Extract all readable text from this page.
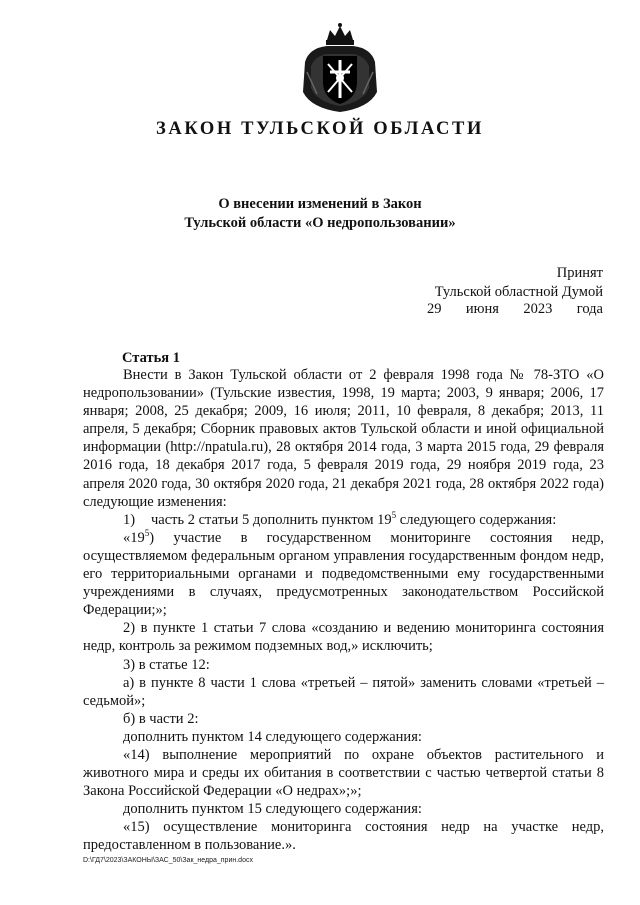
ЗАКОН ТУЛЬСКОЙ ОБЛАСТИ
О внесении изменений в Закон
Тульской области «О недропользовании»
Принят
Тульской областной Думой
29 июня 2023 года
Статья 1

Внести в Закон Тульской области от 2 февраля 1998 года № 78-ЗТО «О недропользовании» (Тульские известия, 1998, 19 марта; 2003, 9 января; 2006, 17 января; 2008, 25 декабря; 2009, 16 июля; 2011, 10 февраля, 8 декабря; 2013, 11 апреля, 5 декабря; Сборник правовых актов Тульской области и иной официальной информации (http://npatula.ru), 28 октября 2014 года, 3 марта 2015 года, 29 февраля 2016 года, 18 декабря 2017 года, 5 февраля 2019 года, 29 ноября 2019 года, 23 апреля 2020 года, 30 октября 2020 года, 21 декабря 2021 года, 28 октября 2022 года) следующие изменения:

1) часть 2 статьи 5 дополнить пунктом $19^5$ следующего содержания:

«$19^5$) участие в государственном мониторинге состояния недр, осуществляемом федеральным органом управления государственным фондом недр, его территориальными органами и подведомственными ему государственными учреждениями в случаях, предусмотренных законодательством Российской Федерации;»;

2) в пункте 1 статьи 7 слова «созданию и ведению мониторинга состояния недр, контроль за режимом подземных вод,» исключить;

3) в статье 12:

а) в пункте 8 части 1 слова «третьей – пятой» заменить словами «третьей – седьмой»;

б) в части 2:

дополнить пунктом 14 следующего содержания:

«14) выполнение мероприятий по охране объектов растительного и животного мира и среды их обитания в соответствии с частью четвертой статьи 8 Закона Российской Федерации «О недрах»;»;

дополнить пунктом 15 следующего содержания:

«15) осуществление мониторинга состояния недр на участке недр, предоставленном в пользование.».

D:\ГД7\2023\ЗАКОНЫ\ЗАС_50\Зак_недра_прин.docx
